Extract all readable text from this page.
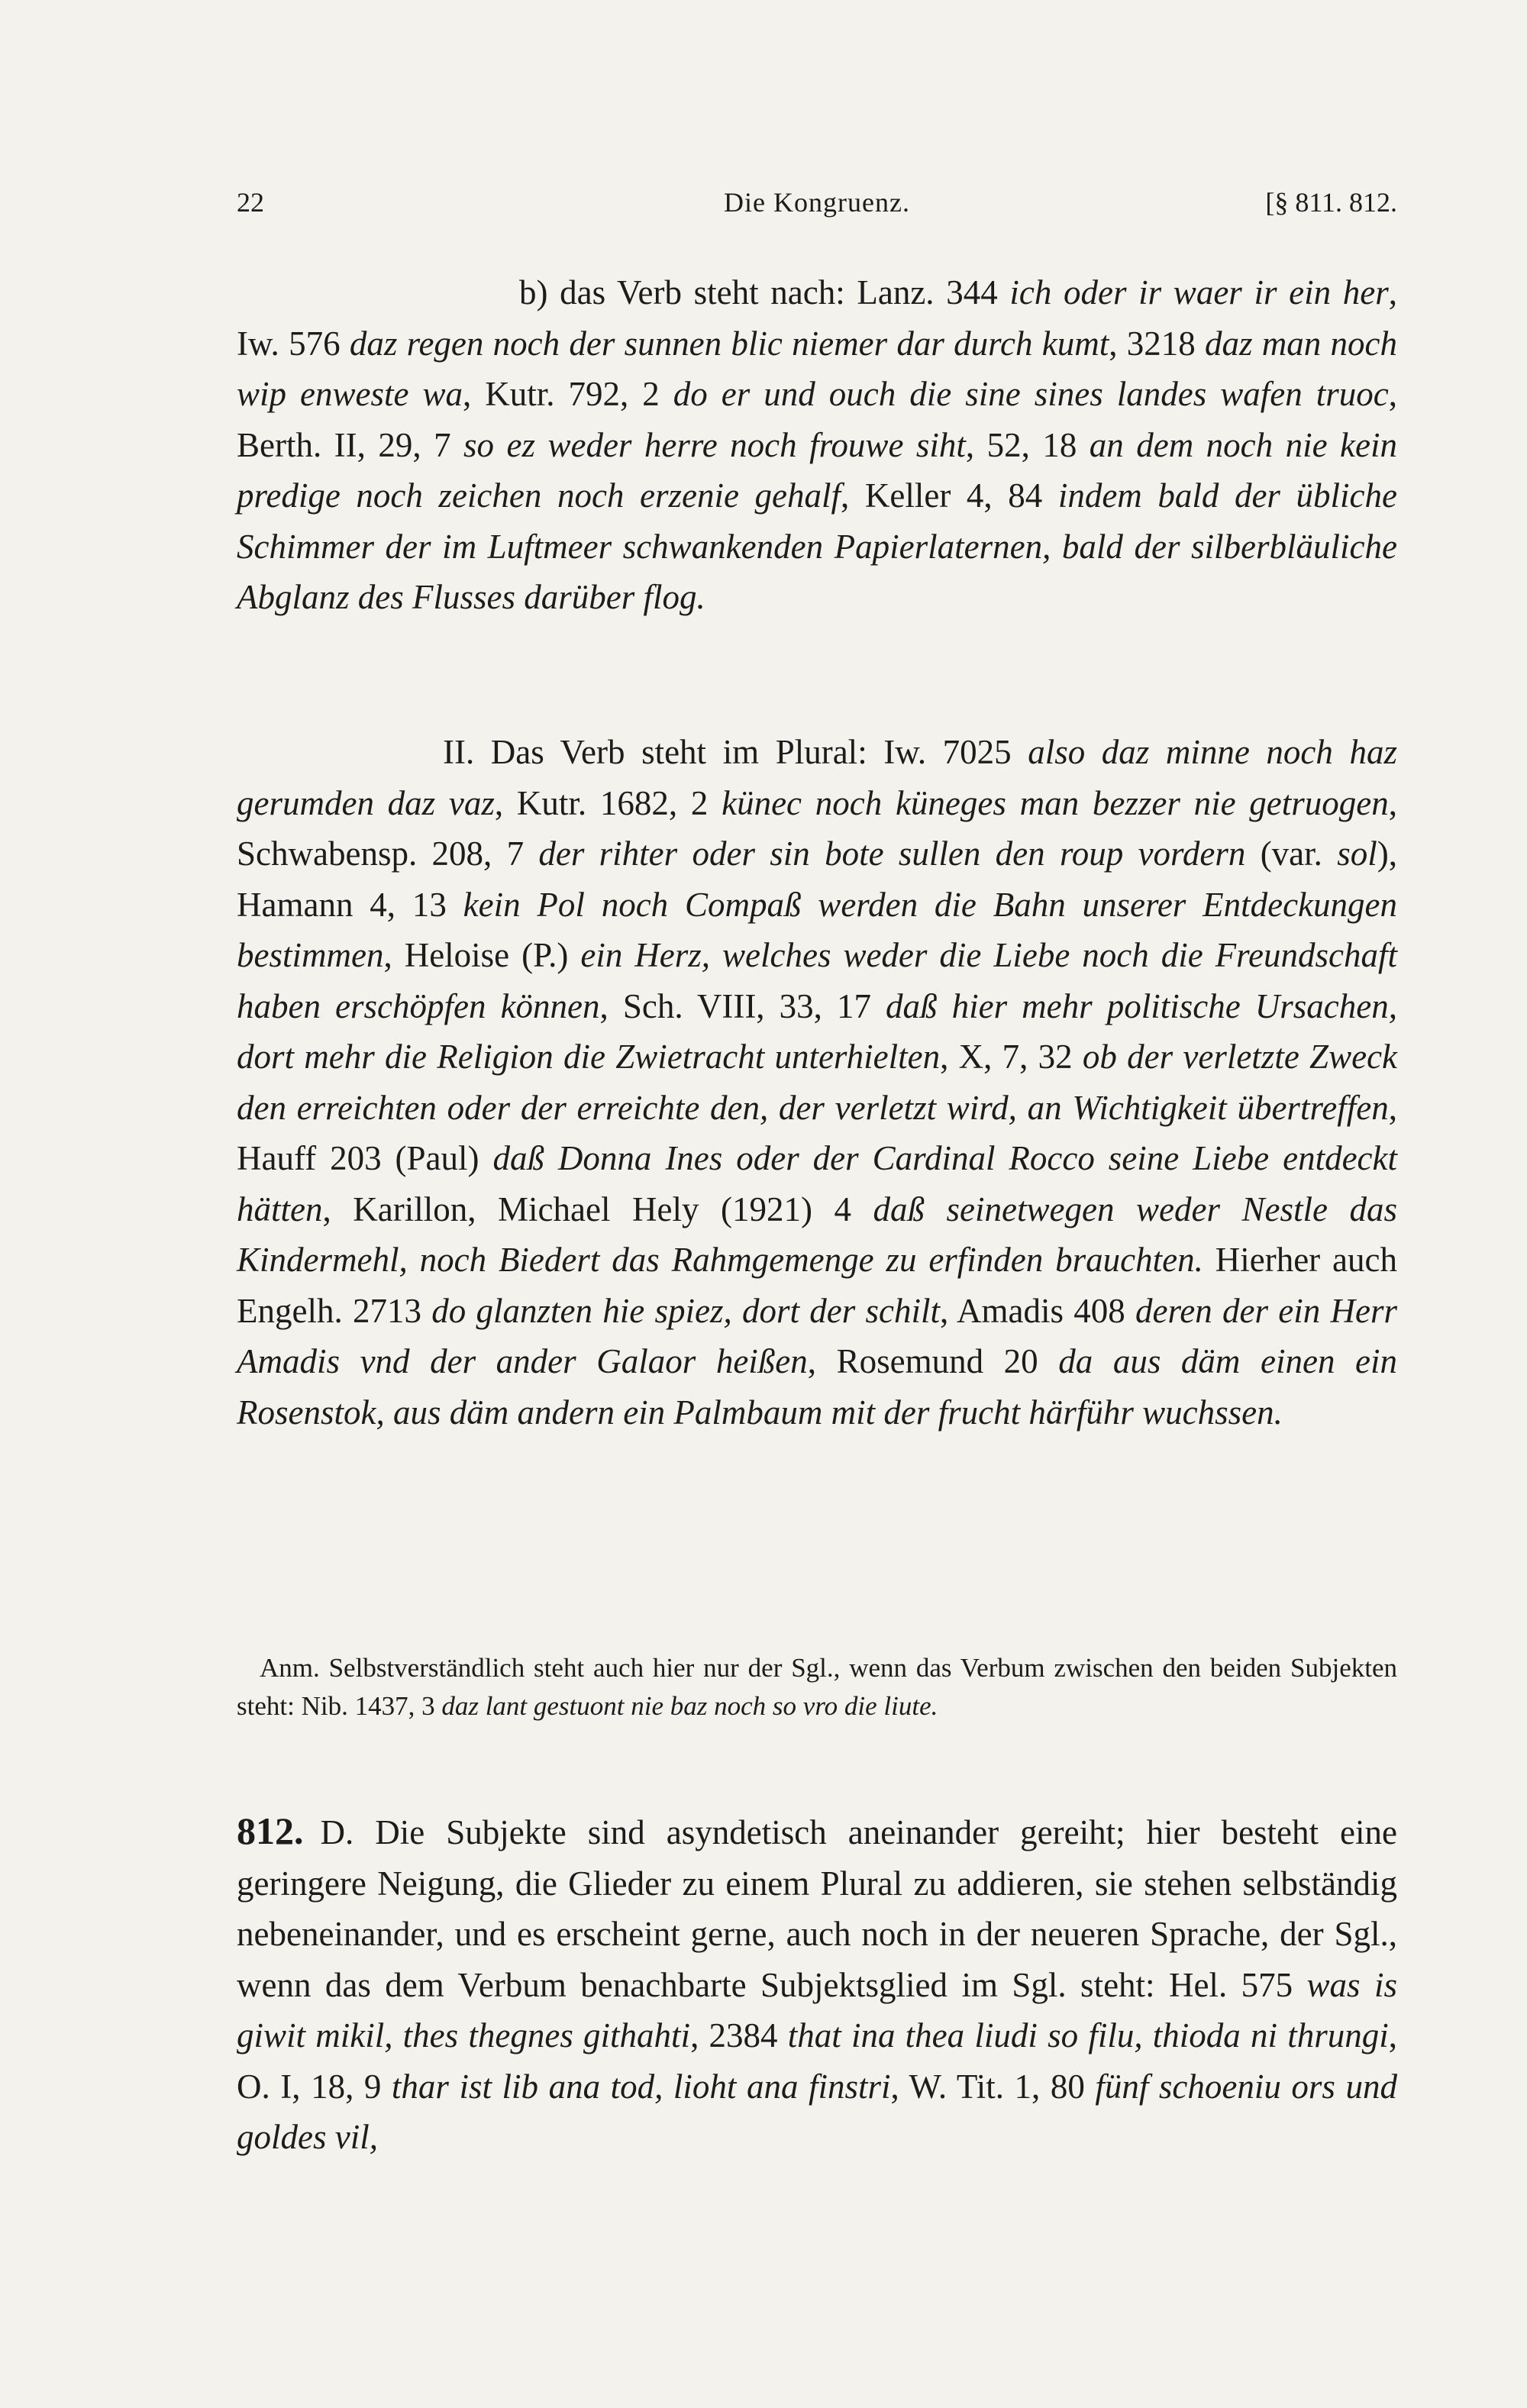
22	Die Kongruenz.	[§ 811. 812.

b) das Verb steht nach: Lanz. 344 ich oder ir waer ir ein her, Iw. 576 daz regen noch der sunnen blic niemer dar durch kumt, 3218 daz man noch wip enweste wa, Kutr. 792, 2 do er und ouch die sine sines landes wafen truoc, Berth. II, 29, 7 so ez weder herre noch frouwe siht, 52, 18 an dem noch nie kein predige noch zeichen noch erzenie gehalf, Keller 4, 84 indem bald der übliche Schimmer der im Luftmeer schwankenden Papierlaternen, bald der silberbläuliche Abglanz des Flusses darüber flog.

II. Das Verb steht im Plural: Iw. 7025 also daz minne noch haz gerumden daz vaz, Kutr. 1682, 2 künec noch küneges man bezzer nie getruogen, Schwabensp. 208, 7 der rihter oder sin bote sullen den roup vordern (var. sol), Hamann 4, 13 kein Pol noch Compaß werden die Bahn unserer Entdeckungen bestimmen, Heloise (P.) ein Herz, welches weder die Liebe noch die Freundschaft haben erschöpfen können, Sch. VIII, 33, 17 daß hier mehr politische Ursachen, dort mehr die Religion die Zwietracht unterhielten, X, 7, 32 ob der verletzte Zweck den erreichten oder der erreichte den, der verletzt wird, an Wichtigkeit übertreffen, Hauff 203 (Paul) daß Donna Ines oder der Cardinal Rocco seine Liebe entdeckt hätten, Karillon, Michael Hely (1921) 4 daß seinetwegen weder Nestle das Kindermehl, noch Biedert das Rahmgemenge zu erfinden brauchten. Hierher auch Engelh. 2713 do glanzten hie spiez, dort der schilt, Amadis 408 deren der ein Herr Amadis vnd der ander Galaor heißen, Rosemund 20 da aus däm einen ein Rosenstok, aus däm andern ein Palmbaum mit der frucht härführ wuchssen.

Anm. Selbstverständlich steht auch hier nur der Sgl., wenn das Verbum zwischen den beiden Subjekten steht: Nib. 1437, 3 daz lant gestuont nie baz noch so vro die liute.

812. D. Die Subjekte sind asyndetisch aneinander gereiht; hier besteht eine geringere Neigung, die Glieder zu einem Plural zu addieren, sie stehen selbständig nebeneinander, und es erscheint gerne, auch noch in der neueren Sprache, der Sgl., wenn das dem Verbum benachbarte Subjektsglied im Sgl. steht: Hel. 575 was is giwit mikil, thes thegnes githahti, 2384 that ina thea liudi so filu, thioda ni thrungi, O. I, 18, 9 thar ist lib ana tod, lioht ana finstri, W. Tit. 1, 80 fünf schoeniu ors und goldes vil,
